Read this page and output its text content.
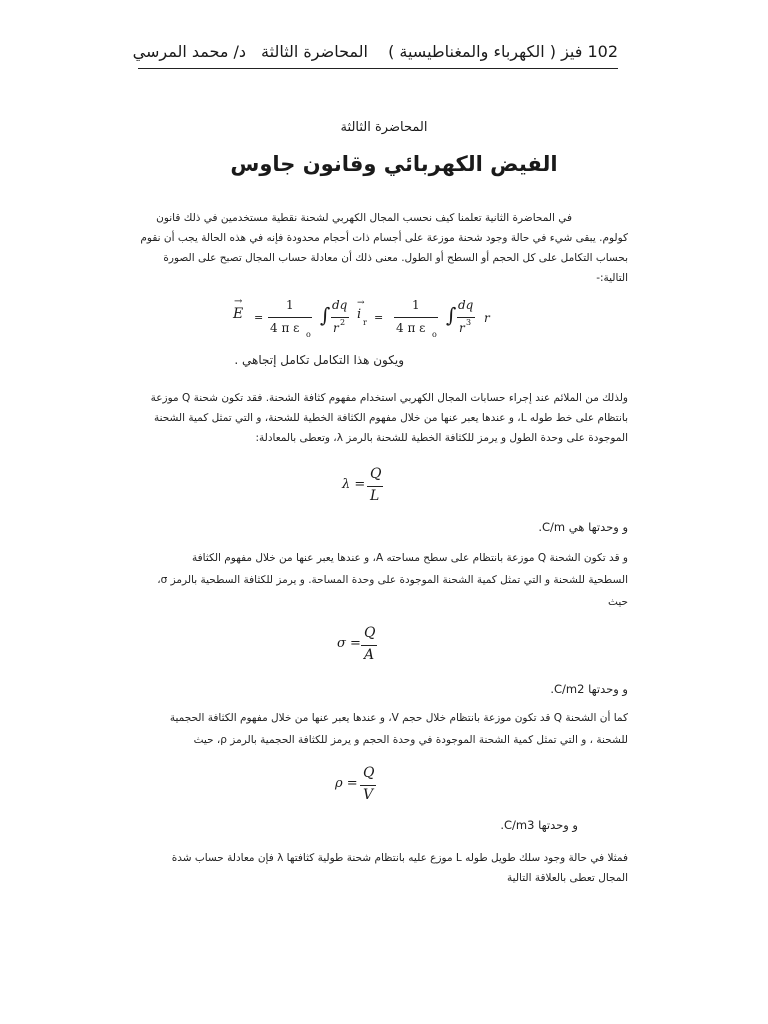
102 فيز ( الكهرباء والمغناطيسية )
المحاضرة الثالثة
د/ محمد المرسي
المحاضرة الثالثة
الفيض الكهربائي وقانون جاوس
في المحاضرة الثانية تعلمنا كيف نحسب المجال الكهربي لشحنة نقطية مستخدمين في ذلك قانون
كولوم. يبقى شيء في حالة وجود شحنة موزعة على أجسام ذات أحجام محدودة فإنه في هذه الحالة يجب أن نقوم
بحساب التكامل على كل الحجم أو السطح أو الطول. معنى ذلك أن معادلة حساب المجال تصبح على الصورة
التالية:-
E
→
=
1
4 π ε o
∫ dq
r 2
i
→
r =
1
4 π ε o
∫ dq
r 3 r
ويكون هذا التكامل تكامل إتجاهي .
ولذلك من الملائم عند إجراء حسابات المجال الكهربي استخدام مفهوم كثافة الشحنة. فقد تكون شحنة Q موزعة
بانتظام على خط طوله L، و عندها يعبر عنها من خلال مفهوم الكثافة الخطية للشحنة، و التي تمثل كمية الشحنة
الموجودة على وحدة الطول و يرمز للكثافة الخطية للشحنة بالرمز λ، وتعطى بالمعادلة:
λ =
Q
L
و وحدتها هي C/m.
و قد تكون الشحنة Q موزعة بانتظام على سطح مساحته A، و عندها يعبر عنها من خلال مفهوم الكثافة
السطحية للشحنة و التي تمثل كمية الشحنة الموجودة على وحدة المساحة. و يرمز للكثافة السطحية بالرمز σ،
حيث
σ =
Q
A
و وحدتها C/m2.
كما أن الشحنة Q قد تكون موزعة بانتظام خلال حجم V، و عندها يعبر عنها من خلال مفهوم الكثافة الحجمية
للشحنة ، و التي تمثل كمية الشحنة الموجودة في وحدة الحجم و يرمز للكثافة الحجمية بالرمز ρ، حيث
ρ =
Q
V
و وحدتها C/m3.
فمثلا في حالة وجود سلك طويل طوله L موزع عليه بانتظام شحنة طولية كثافتها λ فإن معادلة حساب شدة
المجال تعطى بالعلاقة التالية
